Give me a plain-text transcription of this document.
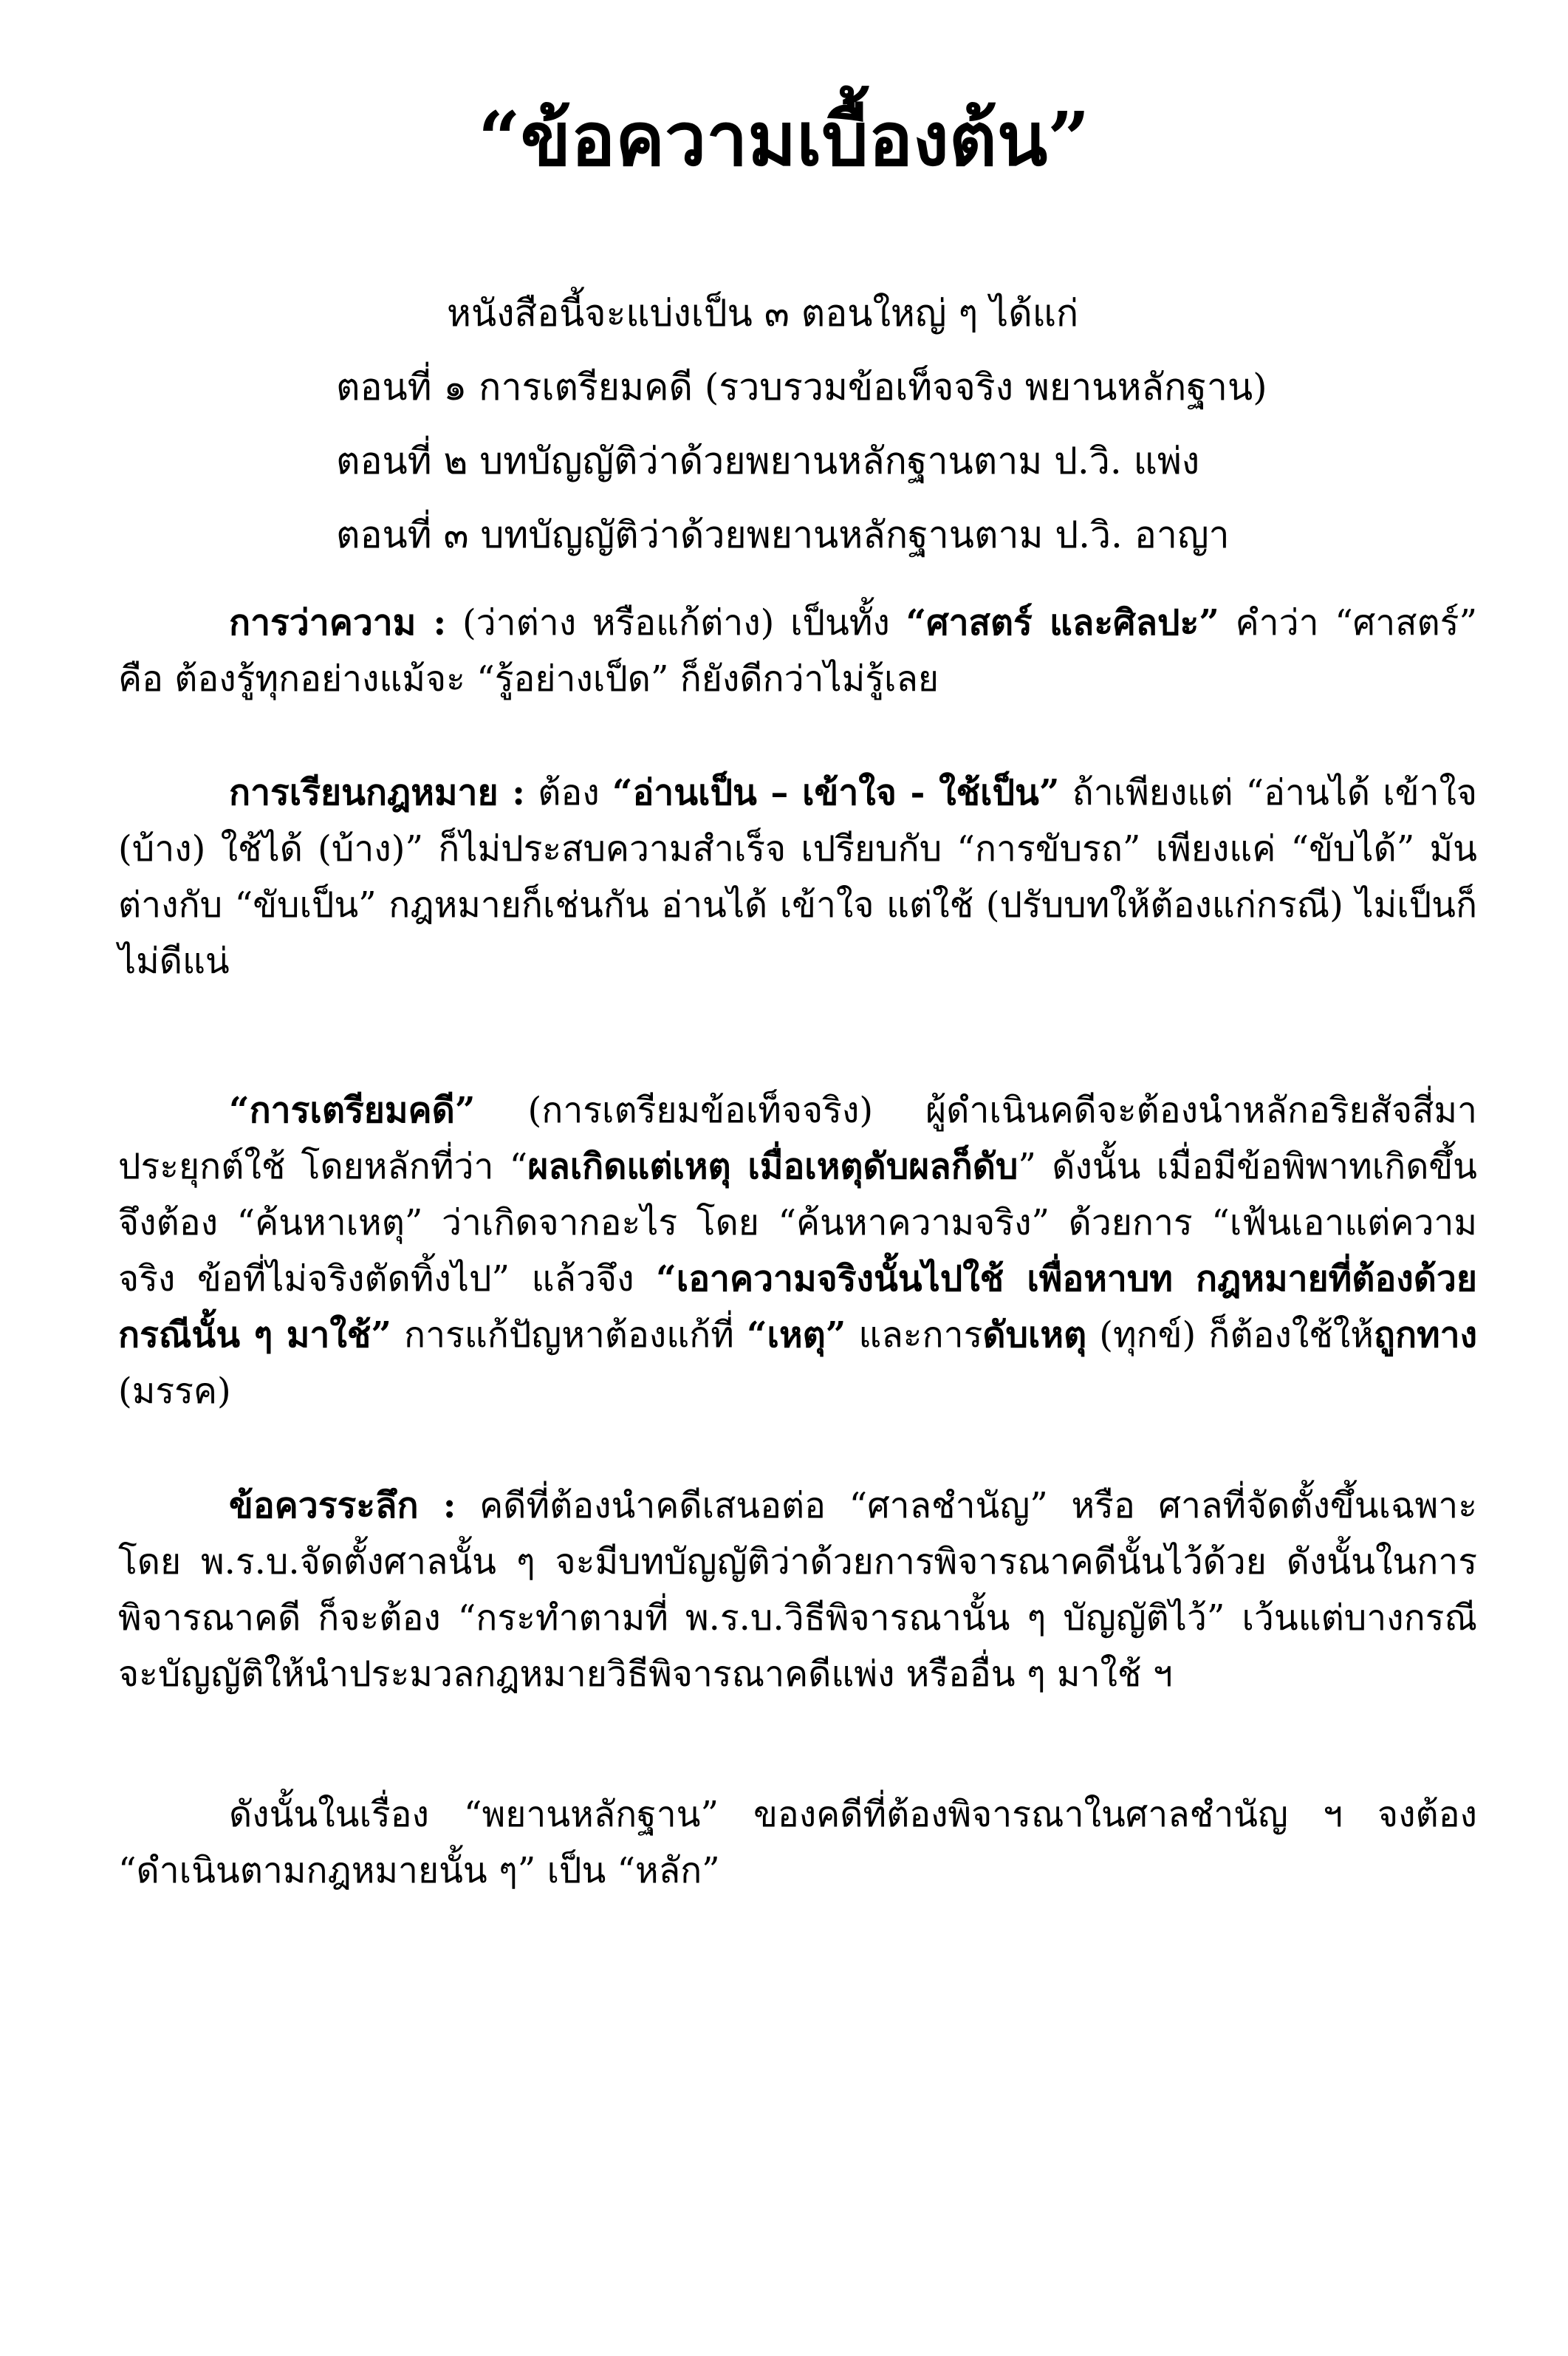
“ข้อความเบื้องต้น”
หนังสือนี้จะแบ่งเป็น ๓ ตอนใหญ่ ๆ ได้แก่
ตอนที่ ๑ การเตรียมคดี (รวบรวมข้อเท็จจริง พยานหลักฐาน)
ตอนที่ ๒ บทบัญญัติว่าด้วยพยานหลักฐานตาม ป.วิ. แพ่ง
ตอนที่ ๓ บทบัญญัติว่าด้วยพยานหลักฐานตาม ป.วิ. อาญา

การว่าความ : (ว่าต่าง หรือแก้ต่าง) เป็นทั้ง “ศาสตร์ และศิลปะ” คำว่า “ศาสตร์” คือ ต้องรู้ทุกอย่างแม้จะ “รู้อย่างเป็ด” ก็ยังดีกว่าไม่รู้เลย

การเรียนกฎหมาย : ต้อง “อ่านเป็น – เข้าใจ - ใช้เป็น” ถ้าเพียงแต่ “อ่านได้ เข้าใจ (บ้าง) ใช้ได้ (บ้าง)” ก็ไม่ประสบความสำเร็จ เปรียบกับ “การขับรถ” เพียงแค่ “ขับได้” มันต่างกับ “ขับเป็น” กฎหมายก็เช่นกัน อ่านได้ เข้าใจ แต่ใช้ (ปรับบทให้ต้องแก่กรณี) ไม่เป็นก็ไม่ดีแน่

“การเตรียมคดี” (การเตรียมข้อเท็จจริง) ผู้ดำเนินคดีจะต้องนำหลักอริยสัจสี่มาประยุกต์ใช้ โดยหลักที่ว่า “ผลเกิดแต่เหตุ เมื่อเหตุดับผลก็ดับ” ดังนั้น เมื่อมีข้อพิพาทเกิดขึ้นจึงต้อง “ค้นหาเหตุ” ว่าเกิดจากอะไร โดย “ค้นหาความจริง” ด้วยการ “เฟ้นเอาแต่ความจริง ข้อที่ไม่จริงตัดทิ้งไป” แล้วจึง “เอาความจริงนั้นไปใช้ เพื่อหาบท กฎหมายที่ต้องด้วยกรณีนั้น ๆ มาใช้” การแก้ปัญหาต้องแก้ที่ “เหตุ” และการดับเหตุ (ทุกข์) ก็ต้องใช้ให้ถูกทาง (มรรค)

ข้อควรระลึก : คดีที่ต้องนำคดีเสนอต่อ “ศาลชำนัญ” หรือ ศาลที่จัดตั้งขึ้นเฉพาะ โดย พ.ร.บ.จัดตั้งศาลนั้น ๆ จะมีบทบัญญัติว่าด้วยการพิจารณาคดีนั้นไว้ด้วย ดังนั้นในการพิจารณาคดี ก็จะต้อง “กระทำตามที่ พ.ร.บ.วิธีพิจารณานั้น ๆ บัญญัติไว้” เว้นแต่บางกรณี จะบัญญัติให้นำประมวลกฎหมายวิธีพิจารณาคดีแพ่ง หรืออื่น ๆ มาใช้ ฯ

ดังนั้นในเรื่อง “พยานหลักฐาน” ของคดีที่ต้องพิจารณาในศาลชำนัญ ฯ จงต้อง “ดำเนินตามกฎหมายนั้น ๆ” เป็น “หลัก”
